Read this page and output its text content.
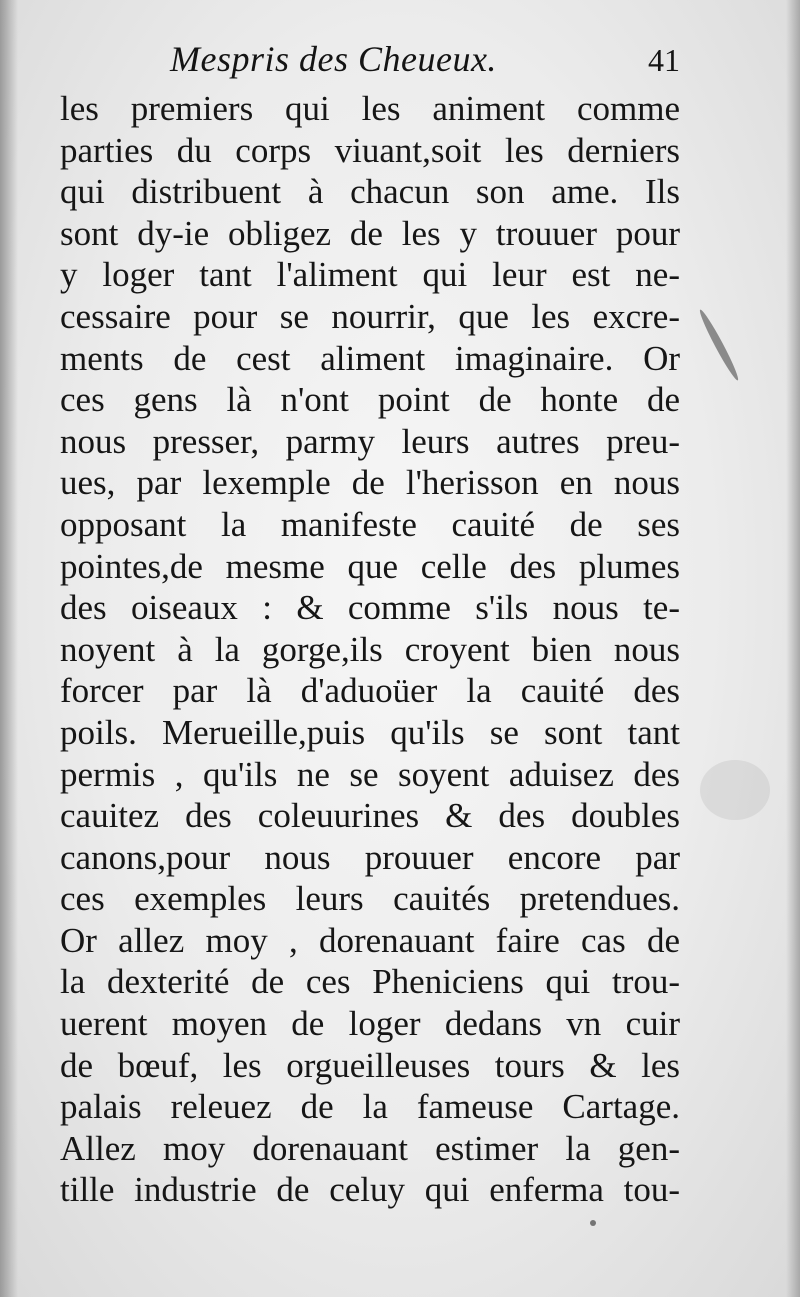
Mespris des Cheueux.	41
les premiers qui les animent comme
parties du corps viuant,soit les derniers
qui distribuent à chacun son ame. Ils
sont dy-ie obligez de les y trouuer pour
y loger tant l'aliment qui leur est ne-
cessaire pour se nourrir, que les excre-
ments de cest aliment imaginaire. Or
ces gens là n'ont point de honte de
nous presser, parmy leurs autres preu-
ues, par lexemple de l'herisson en nous
opposant la manifeste cauité de ses
pointes,de mesme que celle des plumes
des oiseaux : & comme s'ils nous te-
noyent à la gorge,ils croyent bien nous
forcer par là d'aduoüer la cauité des
poils. Merueille,puis qu'ils se sont tant
permis , qu'ils ne se soyent aduisez des
cauitez des coleuurines & des doubles
canons,pour nous prouuer encore par
ces exemples leurs cauités pretendues.
Or allez moy , dorenauant faire cas de
la dexterité de ces Pheniciens qui trou-
uerent moyen de loger dedans vn cuir
de bœuf, les orgueilleuses tours & les
palais releuez de la fameuse Cartage.
Allez moy dorenauant estimer la gen-
tille industrie de celuy qui enferma tou-
